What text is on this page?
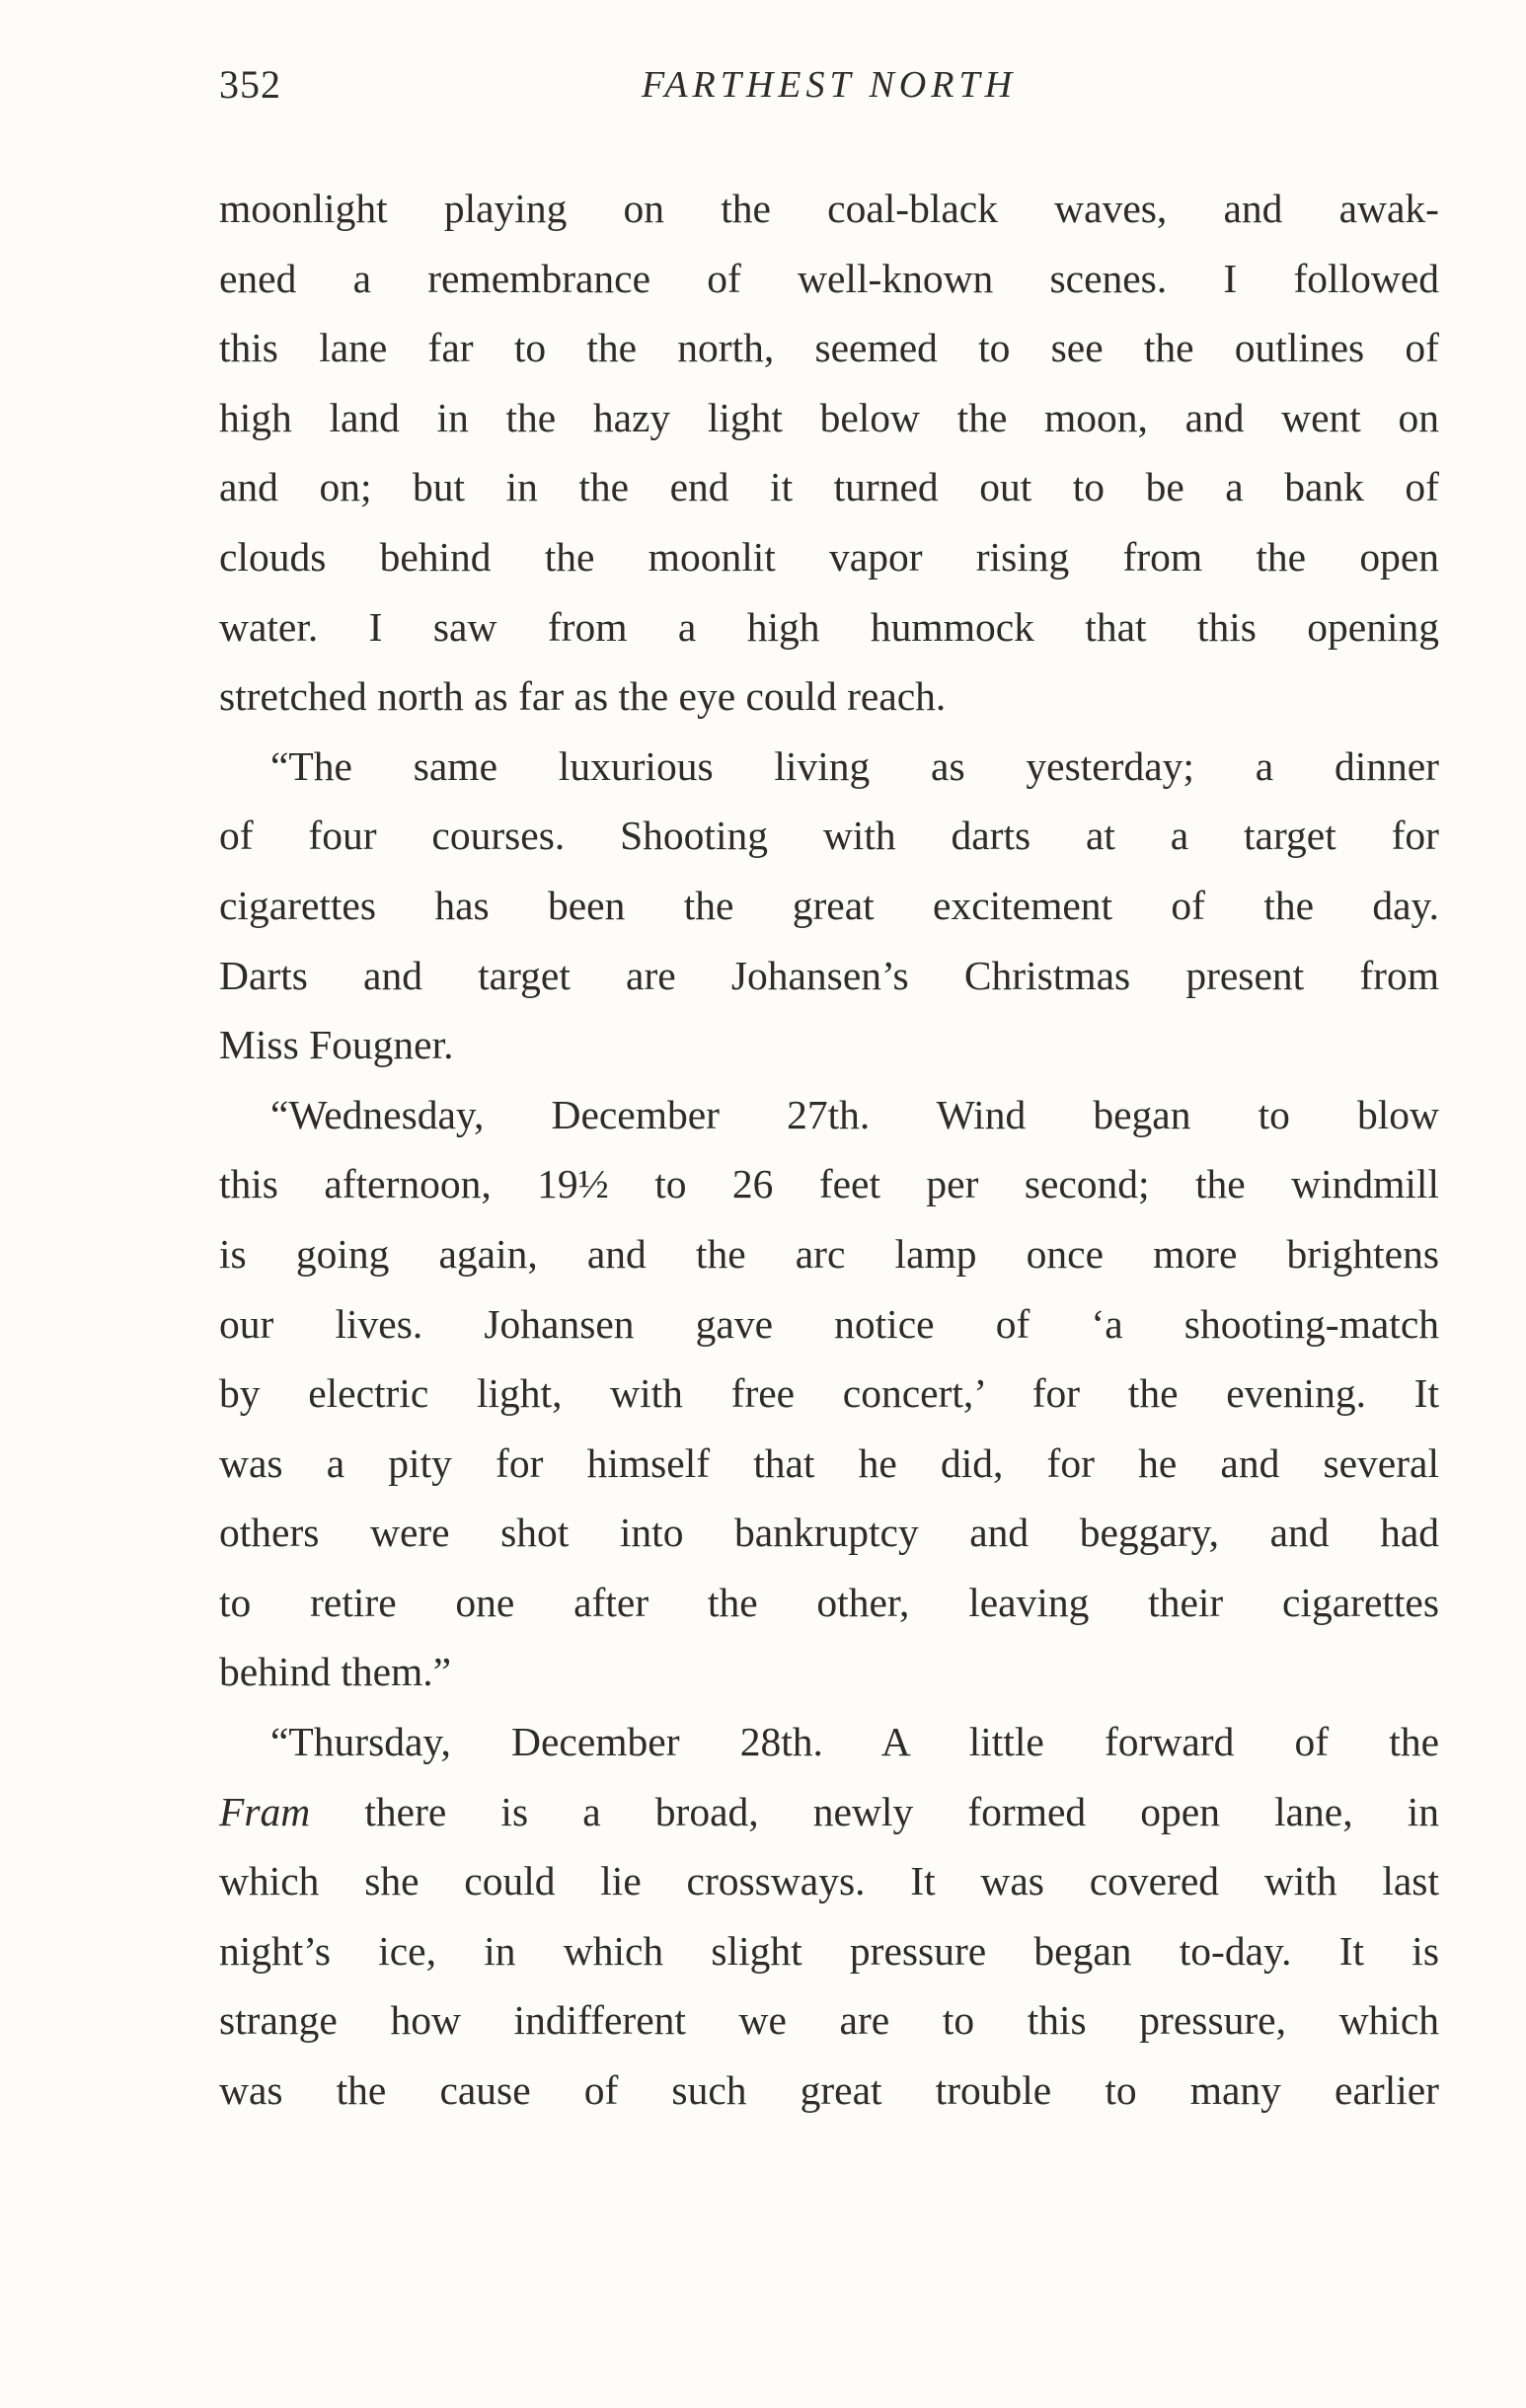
352	FARTHEST NORTH
moonlight playing on the coal-black waves, and awak-
ened a remembrance of well-known scenes. I followed
this lane far to the north, seemed to see the outlines of
high land in the hazy light below the moon, and went on
and on; but in the end it turned out to be a bank of
clouds behind the moonlit vapor rising from the open
water. I saw from a high hummock that this opening
stretched north as far as the eye could reach.
“The same luxurious living as yesterday; a dinner
of four courses. Shooting with darts at a target for
cigarettes has been the great excitement of the day.
Darts and target are Johansen’s Christmas present from
Miss Fougner.
“Wednesday, December 27th. Wind began to blow
this afternoon, 19½ to 26 feet per second; the windmill
is going again, and the arc lamp once more brightens
our lives. Johansen gave notice of ‘a shooting-match
by electric light, with free concert,’ for the evening. It
was a pity for himself that he did, for he and several
others were shot into bankruptcy and beggary, and had
to retire one after the other, leaving their cigarettes
behind them.”
“Thursday, December 28th. A little forward of the
Fram there is a broad, newly formed open lane, in
which she could lie crossways. It was covered with last
night’s ice, in which slight pressure began to-day. It is
strange how indifferent we are to this pressure, which
was the cause of such great trouble to many earlier
